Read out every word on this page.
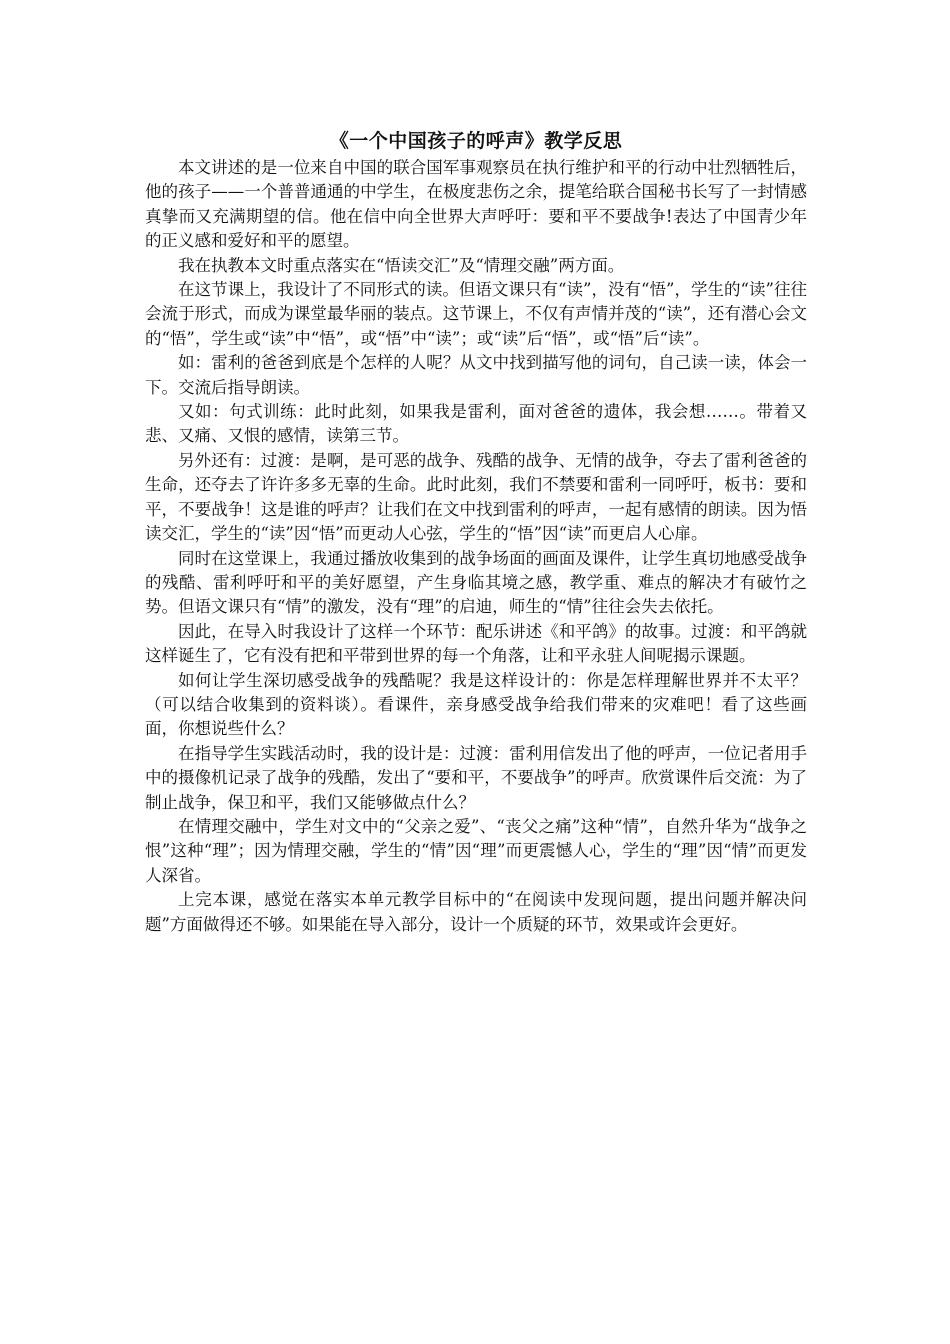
《一个中国孩子的呼声》教学反思

本文讲述的是一位来自中国的联合国军事观察员在执行维护和平的行动中壮烈牺牲后，他的孩子——一个普普通通的中学生，在极度悲伤之余，提笔给联合国秘书长写了一封情感真挚而又充满期望的信。他在信中向全世界大声呼吁：要和平不要战争!表达了中国青少年的正义感和爱好和平的愿望。

我在执教本文时重点落实在“悟读交汇”及“情理交融”两方面。

在这节课上，我设计了不同形式的读。但语文课只有“读”，没有“悟”，学生的“读”往往会流于形式，而成为课堂最华丽的装点。这节课上，不仅有声情并茂的“读”，还有潜心会文的“悟”，学生或“读”中“悟”，或“悟”中“读”；或“读”后“悟”，或“悟”后“读”。

如：雷利的爸爸到底是个怎样的人呢？从文中找到描写他的词句，自己读一读，体会一下。交流后指导朗读。

又如：句式训练：此时此刻，如果我是雷利，面对爸爸的遗体，我会想……。带着又悲、又痛、又恨的感情，读第三节。

另外还有：过渡：是啊，是可恶的战争、残酷的战争、无情的战争，夺去了雷利爸爸的生命，还夺去了许许多多无辜的生命。此时此刻，我们不禁要和雷利一同呼吁，板书：要和平，不要战争！这是谁的呼声？让我们在文中找到雷利的呼声，一起有感情的朗读。因为悟读交汇，学生的“读”因“悟”而更动人心弦，学生的“悟”因“读”而更启人心扉。

同时在这堂课上，我通过播放收集到的战争场面的画面及课件，让学生真切地感受战争的残酷、雷利呼吁和平的美好愿望，产生身临其境之感，教学重、难点的解决才有破竹之势。但语文课只有“情”的激发，没有“理”的启迪，师生的“情”往往会失去依托。

因此，在导入时我设计了这样一个环节：配乐讲述《和平鸽》的故事。过渡：和平鸽就这样诞生了，它有没有把和平带到世界的每一个角落，让和平永驻人间呢揭示课题。

如何让学生深切感受战争的残酷呢？我是这样设计的：你是怎样理解世界并不太平？（可以结合收集到的资料谈）。看课件，亲身感受战争给我们带来的灾难吧！看了这些画面，你想说些什么？

在指导学生实践活动时，我的设计是：过渡：雷利用信发出了他的呼声，一位记者用手中的摄像机记录了战争的残酷，发出了“要和平，不要战争”的呼声。欣赏课件后交流：为了制止战争，保卫和平，我们又能够做点什么？

在情理交融中，学生对文中的“父亲之爱”、“丧父之痛”这种“情”，自然升华为“战争之恨”这种“理”；因为情理交融，学生的“情”因“理”而更震憾人心，学生的“理”因“情”而更发人深省。

上完本课，感觉在落实本单元教学目标中的“在阅读中发现问题，提出问题并解决问题”方面做得还不够。如果能在导入部分，设计一个质疑的环节，效果或许会更好。
